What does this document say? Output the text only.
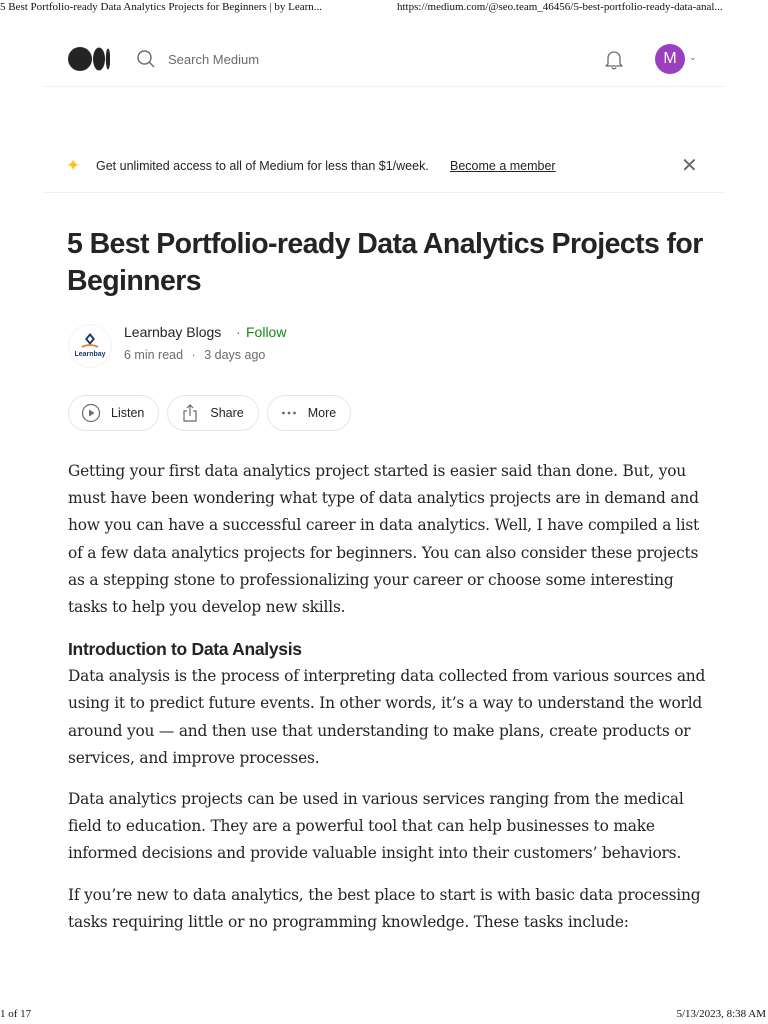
5 Best Portfolio-ready Data Analytics Projects for Beginners | by Learn...	https://medium.com/@seo.team_46456/5-best-portfolio-ready-data-anal...
Search Medium
M	⌄
✦ Get unlimited access to all of Medium for less than $1/week. Become a member	✕
5 Best Portfolio-ready Data Analytics Projects for Beginners
Learnbay
Learnbay Blogs · Follow
6 min read · 3 days ago
Listen	Share	More

Getting your first data analytics project started is easier said than done. But, you must have been wondering what type of data analytics projects are in demand and how you can have a successful career in data analytics. Well, I have compiled a list of a few data analytics projects for beginners. You can also consider these projects as a stepping stone to professionalizing your career or choose some interesting tasks to help you develop new skills.

Introduction to Data Analysis

Data analysis is the process of interpreting data collected from various sources and using it to predict future events. In other words, it’s a way to understand the world around you — and then use that understanding to make plans, create products or services, and improve processes.

Data analytics projects can be used in various services ranging from the medical field to education. They are a powerful tool that can help businesses to make informed decisions and provide valuable insight into their customers’ behaviors.

If you’re new to data analytics, the best place to start is with basic data processing tasks requiring little or no programming knowledge. These tasks include:

1 of 17	5/13/2023, 8:38 AM
